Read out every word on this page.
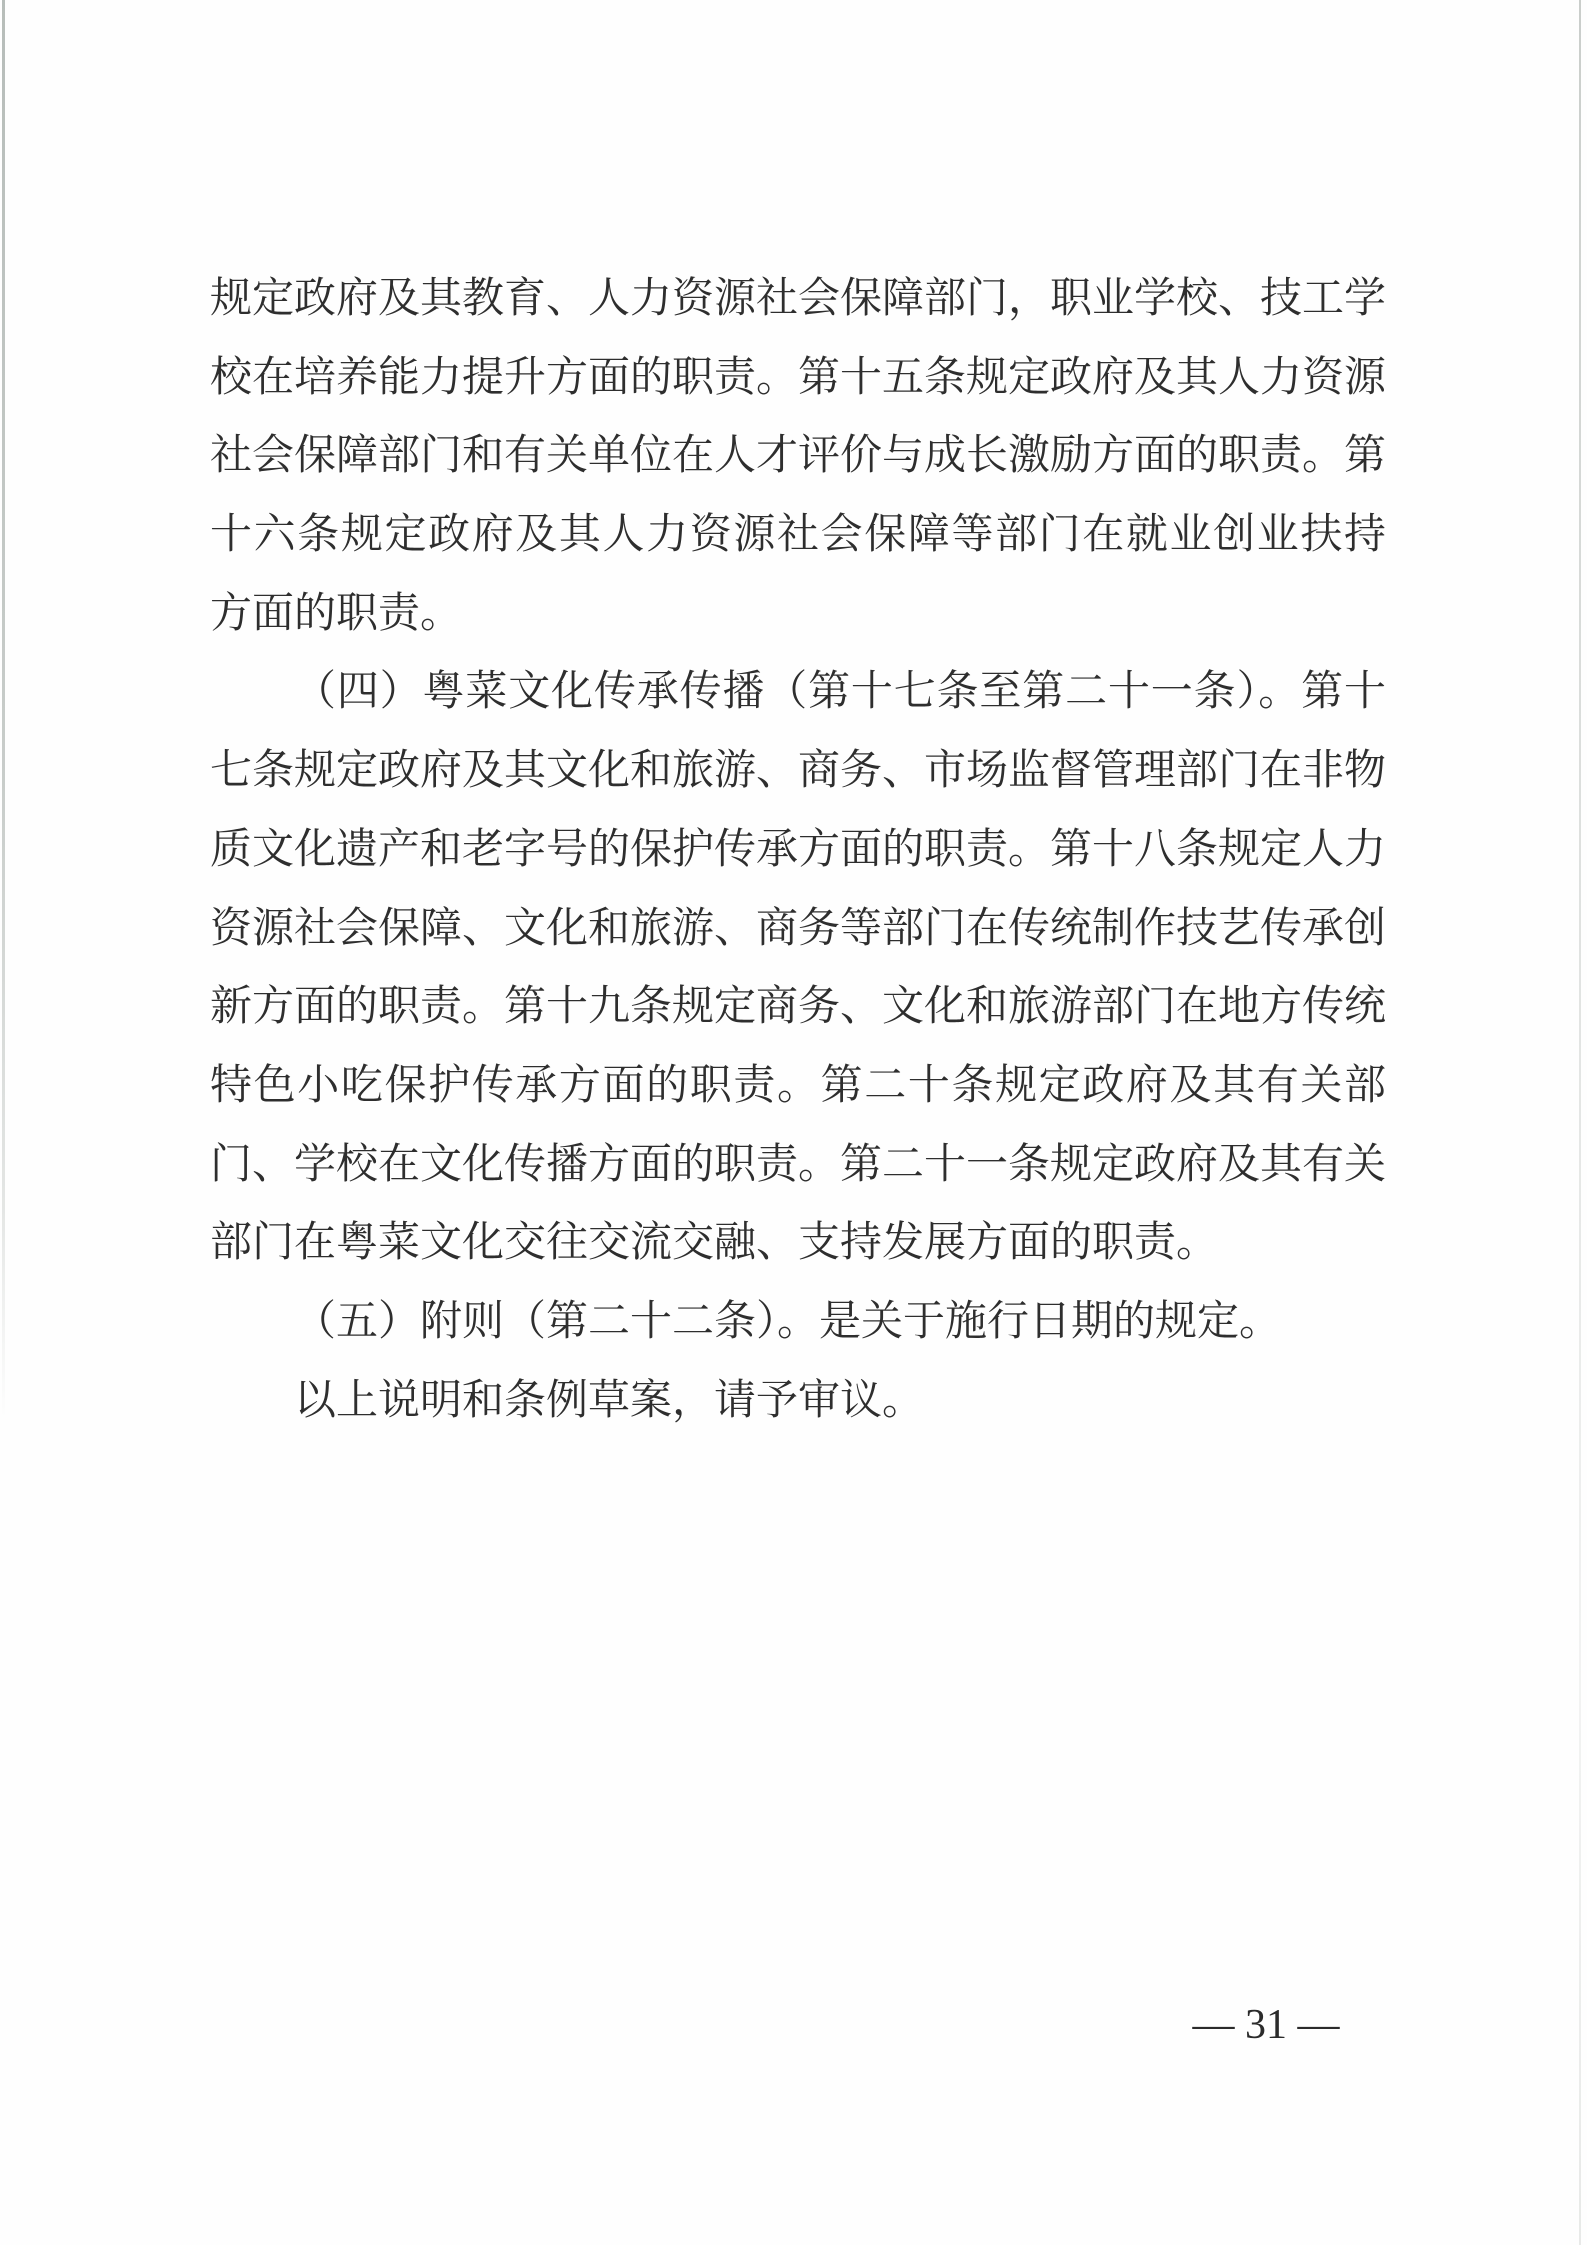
规定政府及其教育、人力资源社会保障部门，职业学校、技工学
校在培养能力提升方面的职责。第十五条规定政府及其人力资源
社会保障部门和有关单位在人才评价与成长激励方面的职责。第
十六条规定政府及其人力资源社会保障等部门在就业创业扶持
方面的职责。
（四）粤菜文化传承传播（第十七条至第二十一条）。第十
七条规定政府及其文化和旅游、商务、市场监督管理部门在非物
质文化遗产和老字号的保护传承方面的职责。第十八条规定人力
资源社会保障、文化和旅游、商务等部门在传统制作技艺传承创
新方面的职责。第十九条规定商务、文化和旅游部门在地方传统
特色小吃保护传承方面的职责。第二十条规定政府及其有关部
门、学校在文化传播方面的职责。第二十一条规定政府及其有关
部门在粤菜文化交往交流交融、支持发展方面的职责。
（五）附则（第二十二条）。是关于施行日期的规定。
以上说明和条例草案，请予审议。
— 31 —
